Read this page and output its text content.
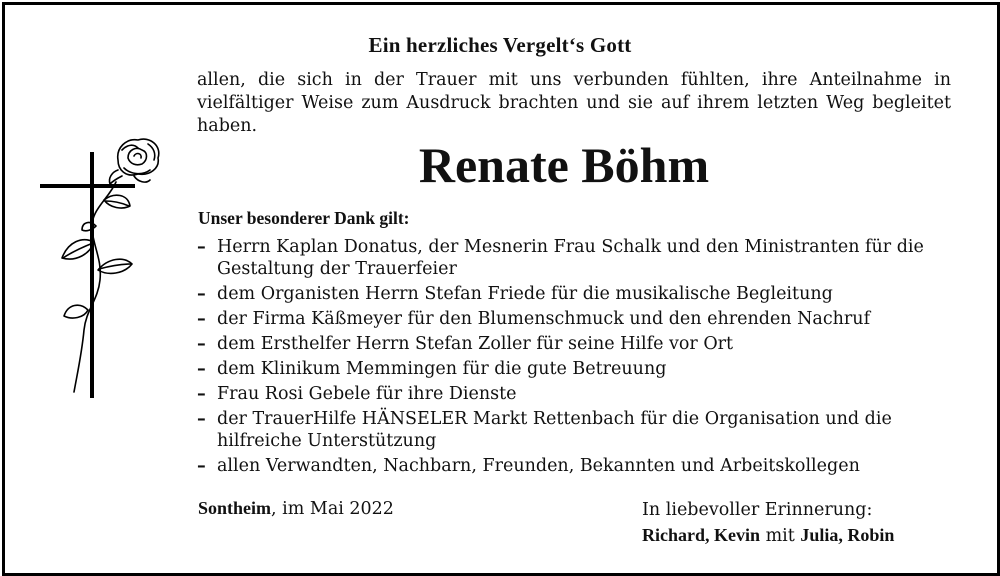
Ein herzliches Vergelt‘s Gott
allen, die sich in der Trauer mit uns verbunden fühlten, ihre Anteilnahme in vielfältiger Weise zum Ausdruck brachten und sie auf ihrem letzten Weg begleitet haben.
Renate Böhm
Unser besonderer Dank gilt:
– Herrn Kaplan Donatus, der Mesnerin Frau Schalk und den Ministranten für die Gestaltung der Trauerfeier
– dem Organisten Herrn Stefan Friede für die musikalische Begleitung
– der Firma Käßmeyer für den Blumenschmuck und den ehrenden Nachruf
– dem Ersthelfer Herrn Stefan Zoller für seine Hilfe vor Ort
– dem Klinikum Memmingen für die gute Betreuung
– Frau Rosi Gebele für ihre Dienste
– der TrauerHilfe HÄNSELER Markt Rettenbach für die Organisation und die hilfreiche Unterstützung
– allen Verwandten, Nachbarn, Freunden, Bekannten und Arbeitskollegen
Sontheim, im Mai 2022	In liebevoller Erinnerung:
Richard, Kevin mit Julia, Robin
